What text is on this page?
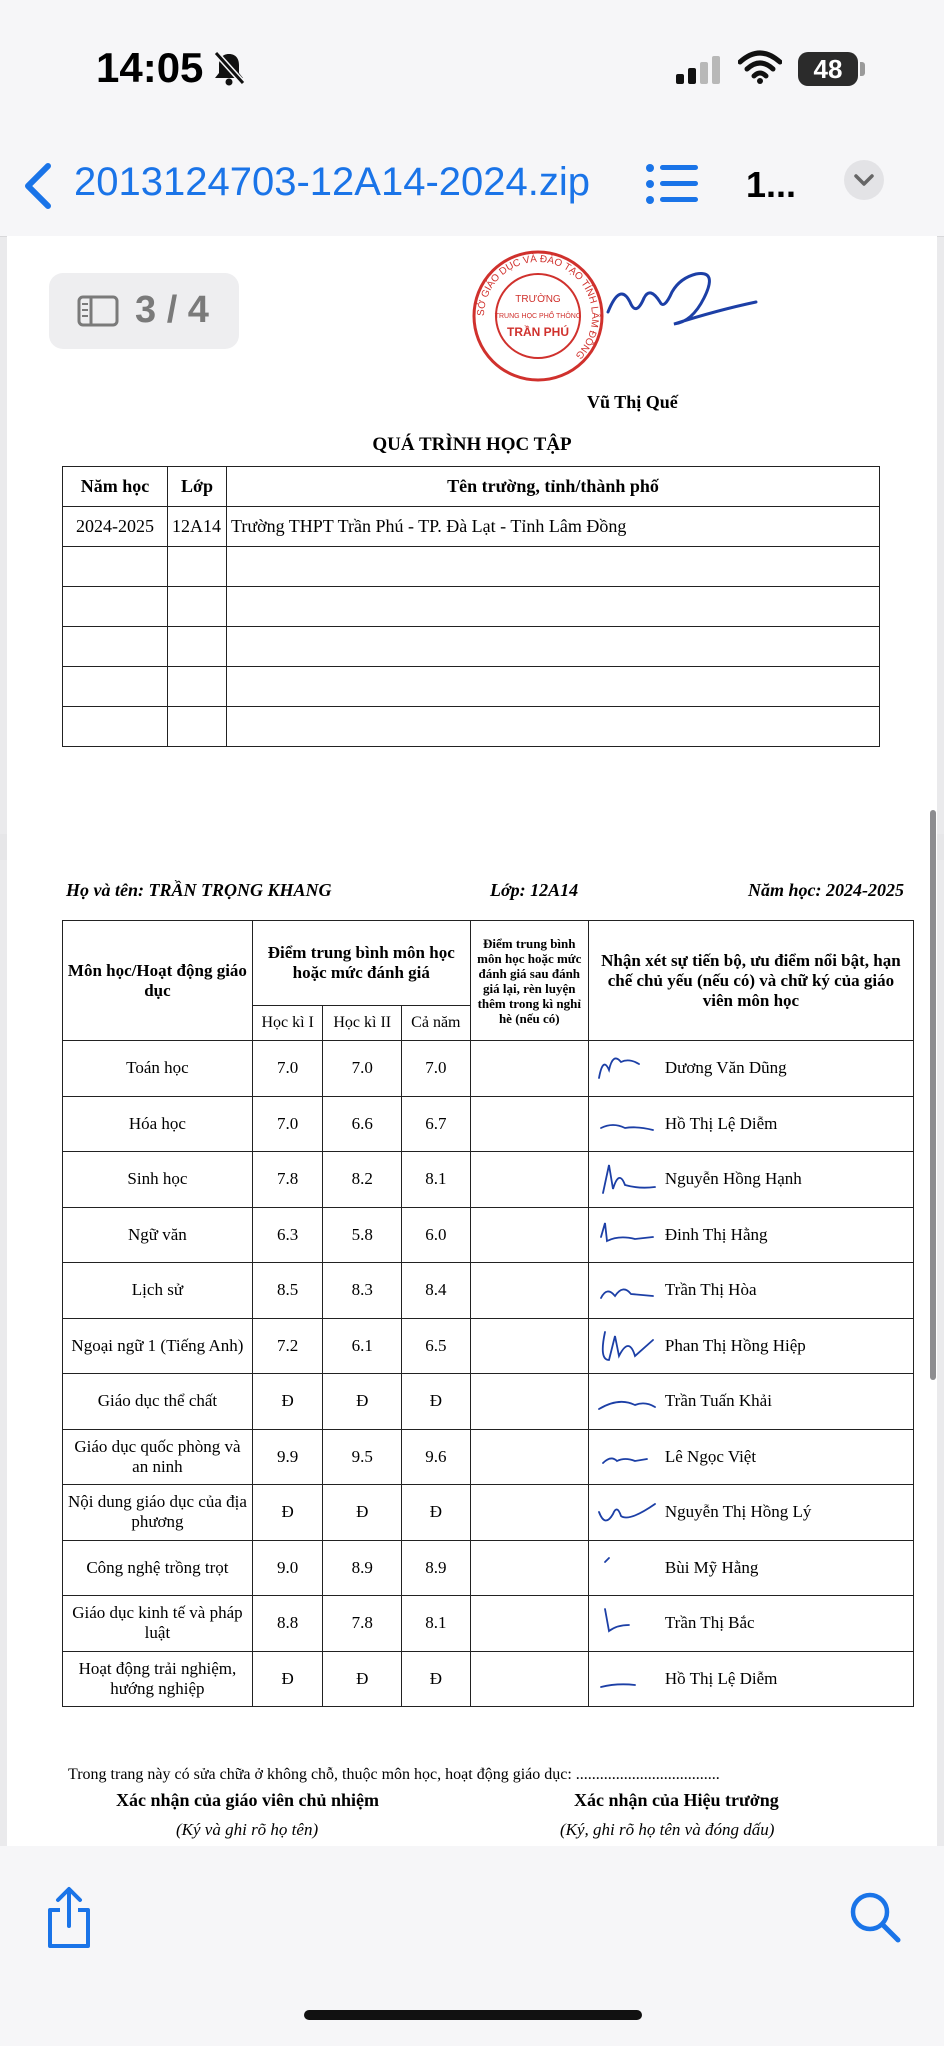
14:05	48
2013124703-12A14-2024.zip	1...
SỞ GIÁO DỤC VÀ ĐÀO TẠO TỈNH LÂM ĐỒNG
TRƯỜNG
TRUNG HỌC PHỔ THÔNG
TRẦN PHÚ
Vũ Thị Quế
QUÁ TRÌNH HỌC TẬP
Năm học	Lớp	Tên trường, tỉnh/thành phố
2024-2025	12A14	Trường THPT Trần Phú - TP. Đà Lạt - Tỉnh Lâm Đồng

3 / 4
Họ và tên: TRẦN TRỌNG KHANG	Lớp: 12A14	Năm học: 2024-2025
Môn học/Hoạt động giáo dục	Điểm trung bình môn học hoặc mức đánh giá			Điểm trung bình môn học hoặc mức đánh giá sau đánh giá lại, rèn luyện thêm trong kì nghỉ hè (nếu có)	Nhận xét sự tiến bộ, ưu điểm nổi bật, hạn chế chủ yếu (nếu có) và chữ ký của giáo viên môn học
	Học kì I	Học kì II	Cả năm		
Toán học	7.0	7.0	7.0		Dương Văn Dũng

Hóa học	7.0	6.6	6.7		Hồ Thị Lệ Diễm

Sinh học	7.8	8.2	8.1		Nguyễn Hồng Hạnh

Ngữ văn	6.3	5.8	6.0		Đinh Thị Hằng

Lịch sử	8.5	8.3	8.4		Trần Thị Hòa

Ngoại ngữ 1 (Tiếng Anh)	7.2	6.1	6.5		Phan Thị Hồng Hiệp

Giáo dục thể chất	Đ	Đ	Đ		Trần Tuấn Khải

Giáo dục quốc phòng và an ninh	9.9	9.5	9.6		Lê Ngọc Việt

Nội dung giáo dục của địa phương	Đ	Đ	Đ		Nguyễn Thị Hồng Lý

Công nghệ trồng trọt	9.0	8.9	8.9		Bùi Mỹ Hằng

Giáo dục kinh tế và pháp luật	8.8	7.8	8.1		Trần Thị Bắc

Hoạt động trải nghiệm, hướng nghiệp	Đ	Đ	Đ		Hồ Thị Lệ Diễm
Trong trang này có sửa chữa ở không chỗ, thuộc môn học, hoạt động giáo dục: ....................................
Xác nhận của giáo viên chủ nhiệm	Xác nhận của Hiệu trưởng
(Ký và ghi rõ họ tên)	(Ký, ghi rõ họ tên và đóng dấu)
